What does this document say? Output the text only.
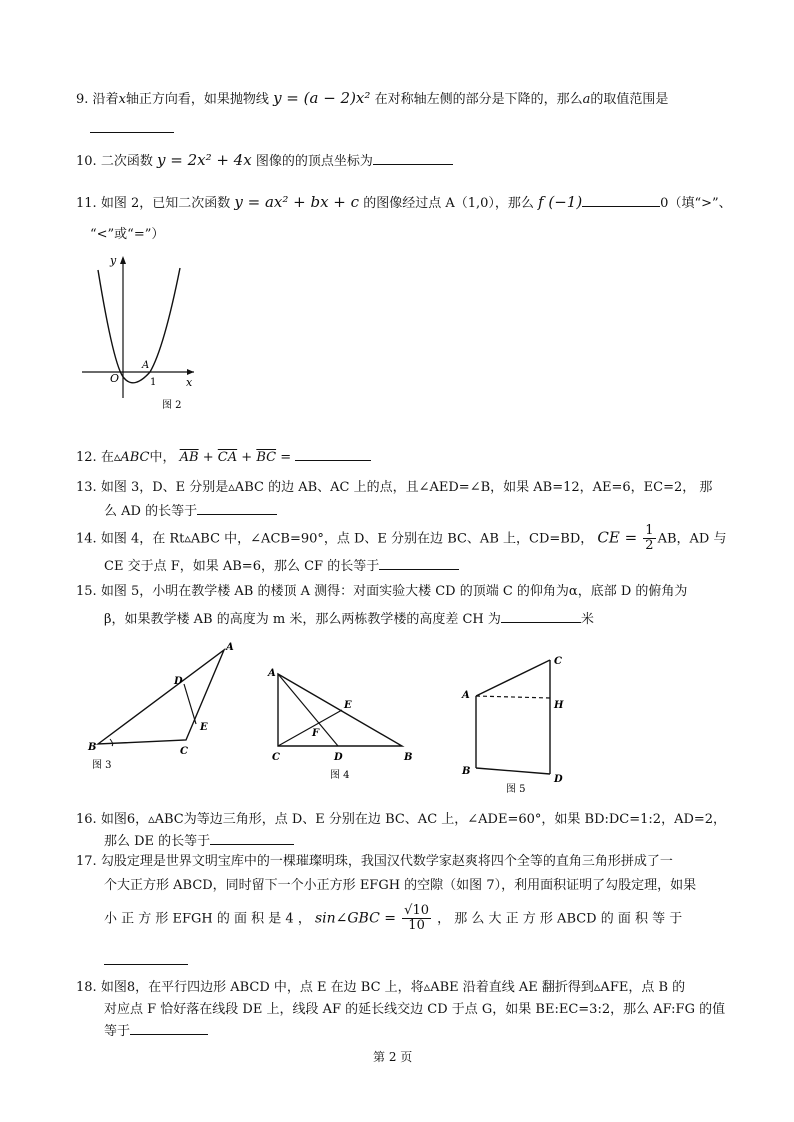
9. 沿着x轴正方向看，如果抛物线 y = (a − 2)x² 在对称轴左侧的部分是下降的，那么a的取值范围是
10. 二次函数 y = 2x² + 4x 图像的的顶点坐标为
11. 如图 2，已知二次函数 y = ax² + bx + c 的图像经过点 A（1,0），那么 f (−1)	0（填“>”、
“<”或“=”）
y
x
O
A
1
图 2
12. 在▵ABC中， $\overline{AB} + \overline{CA} + \overline{BC}$ =
13. 如图 3，D、E 分别是▵ABC 的边 AB、AC 上的点，且∠AED=∠B，如果 AB=12，AE=6，EC=2， 那
么 AD 的长等于
14. 如图 4，在 Rt▵ABC 中，∠ACB=90°，点 D、E 分别在边 BC、AB 上，CD=BD， CE = $\frac{1}{2}$ AB，AD 与
CE 交于点 F，如果 AB=6，那么 CF 的长等于
15. 如图 5，小明在教学楼 AB 的楼顶 A 测得：对面实验大楼 CD 的顶端 C 的仰角为α，底部 D 的俯角为
β，如果教学楼 AB 的高度为 m 米，那么两栋教学楼的高度差 CH 为	米
A
B	C
D
E
图 3
A
B
C	D
E
F
图 4
A
B
C
D
H
图 5
16. 如图6，▵ABC为等边三角形，点 D、E 分别在边 BC、AC 上，∠ADE=60°，如果 BD:DC=1:2，AD=2，
那么 DE 的长等于
17. 勾股定理是世界文明宝库中的一棵璀璨明珠，我国汉代数学家赵爽将四个全等的直角三角形拼成了一
个大正方形 ABCD，同时留下一个小正方形 EFGH 的空隙（如图 7），利用面积证明了勾股定理，如果
小 正 方 形 EFGH 的 面 积 是 4 ， sin∠GBC = $\frac{√10}{10}$ ， 那 么 大 正 方 形 ABCD 的 面 积 等 于
18. 如图8，在平行四边形 ABCD 中，点 E 在边 BC 上，将▵ABE 沿着直线 AE 翻折得到▵AFE，点 B 的
对应点 F 恰好落在线段 DE 上，线段 AF 的延长线交边 CD 于点 G，如果 BE:EC=3:2，那么 AF:FG 的值
等于
第 2 页
